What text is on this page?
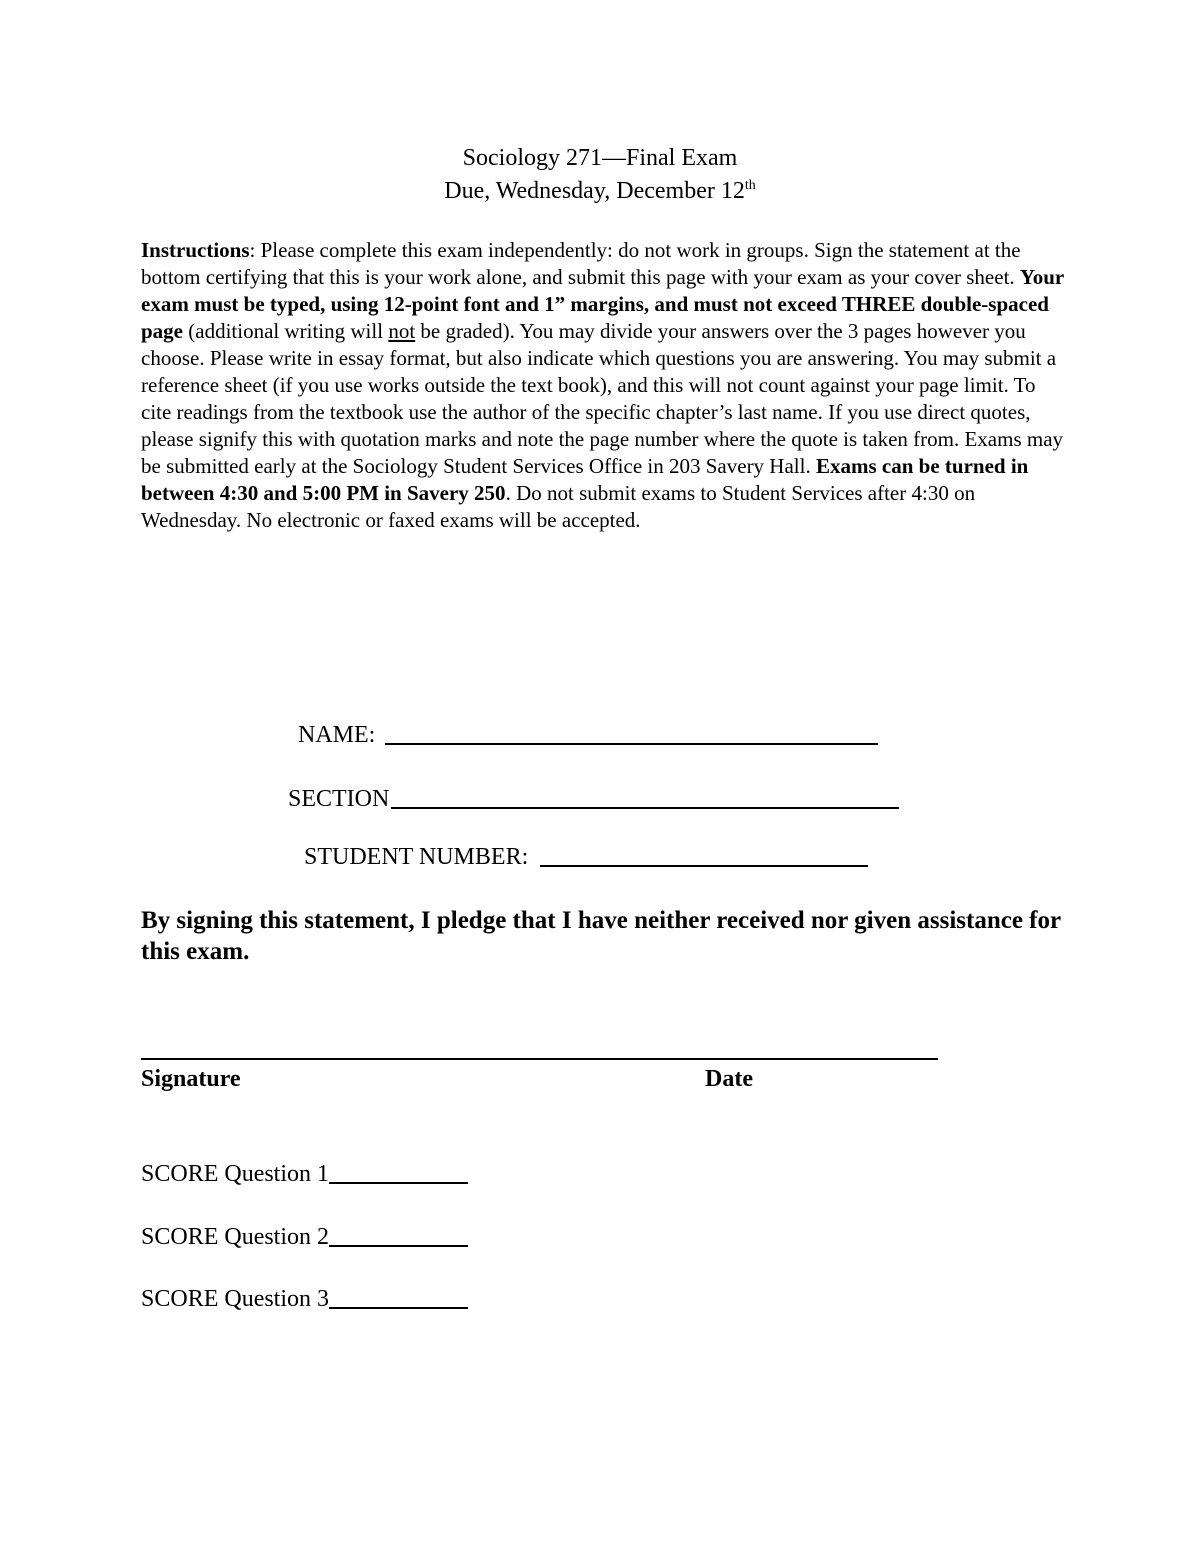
Sociology 271—Final Exam
Due, Wednesday, December 12th

Instructions: Please complete this exam independently: do not work in groups. Sign the statement at the bottom certifying that this is your work alone, and submit this page with your exam as your cover sheet. Your exam must be typed, using 12-point font and 1” margins, and must not exceed THREE double-spaced page (additional writing will not be graded). You may divide your answers over the 3 pages however you choose. Please write in essay format, but also indicate which questions you are answering. You may submit a reference sheet (if you use works outside the text book), and this will not count against your page limit. To cite readings from the textbook use the author of the specific chapter’s last name. If you use direct quotes, please signify this with quotation marks and note the page number where the quote is taken from. Exams may be submitted early at the Sociology Student Services Office in 203 Savery Hall. Exams can be turned in between 4:30 and 5:00 PM in Savery 250. Do not submit exams to Student Services after 4:30 on Wednesday. No electronic or faxed exams will be accepted.

NAME:
SECTION
STUDENT NUMBER:

By signing this statement, I pledge that I have neither received nor given assistance for this exam.

Signature	Date
SCORE Question 1
SCORE Question 2
SCORE Question 3
